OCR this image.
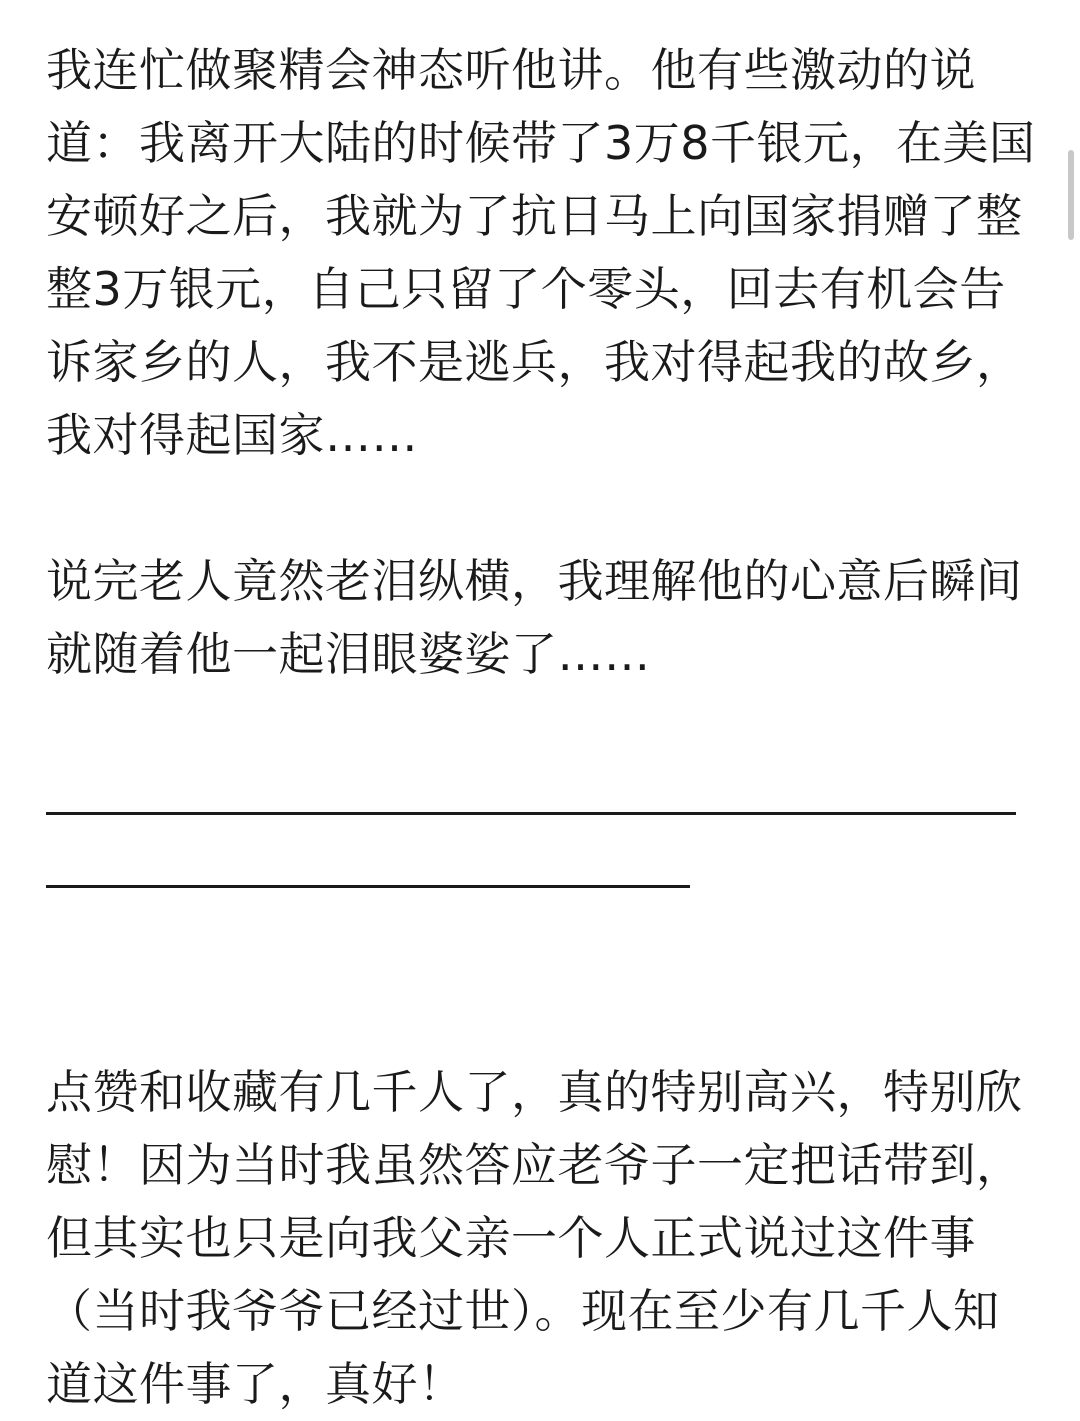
我连忙做聚精会神态听他讲。他有些激动的说道：我离开大陆的时候带了3万8千银元，在美国安顿好之后，我就为了抗日马上向国家捐赠了整整3万银元，自己只留了个零头，回去有机会告诉家乡的人，我不是逃兵，我对得起我的故乡，我对得起国家……

说完老人竟然老泪纵横，我理解他的心意后瞬间就随着他一起泪眼婆娑了……

点赞和收藏有几千人了，真的特别高兴，特别欣慰！因为当时我虽然答应老爷子一定把话带到，但其实也只是向我父亲一个人正式说过这件事（当时我爷爷已经过世）。现在至少有几千人知道这件事了，真好！
